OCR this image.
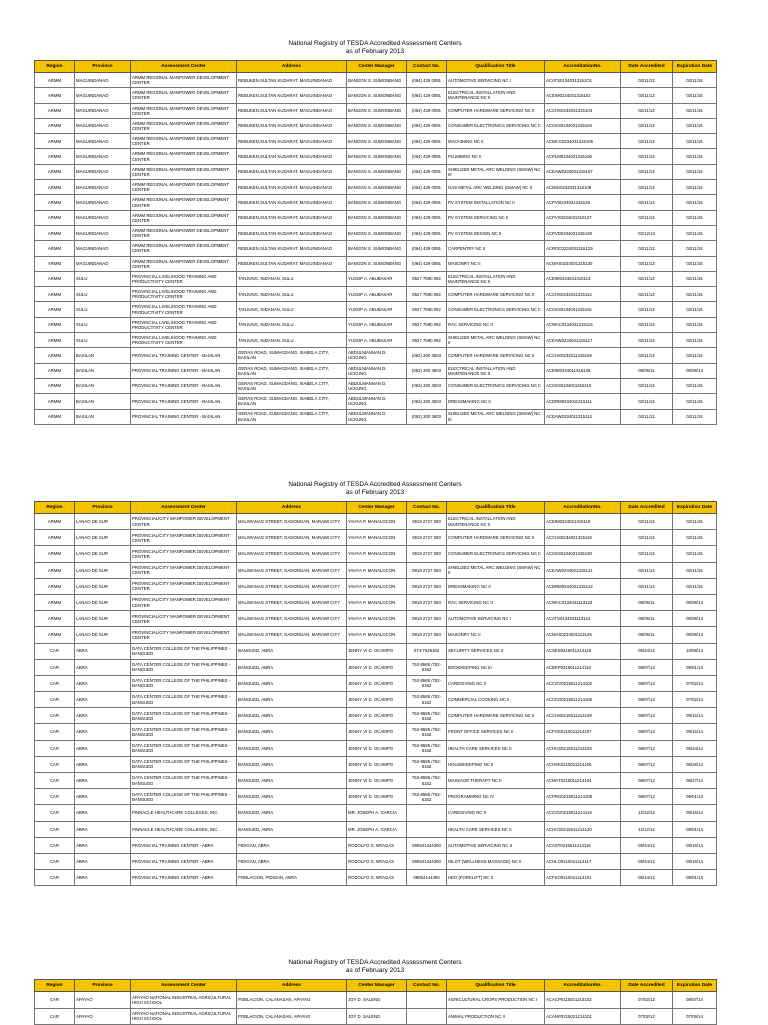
National Registry of TESDA Accredited Assessment Centers
as of February 2013
Region	Province	Assessment Center	Address	Center Manager	Contact No.	Qualification Title	AccreditationNo.	Date Accredited	Expiration Date
ARMM	MAGUINDANAO	ARMM REGIONAL MANPOWER DEVELOPMENT CENTER	REBUKEN,SULTAN KUDARAT, MAGUINDANAO	BANGON S. SUMONBANG	(064) 429 0091	AUTOMOTIVE SERVICING NC I	ACATS01340313151O1	02/11/13	02/11/15
ARMM	MAGUINDANAO	ARMM REGIONAL MANPOWER DEVELOPMENT CENTER	REBUKEN,SULTAN KUDARAT, MAGUINDANAO	BANGON S. SUMONBANG	(064) 429 0091	ELECTRICAL INSTALLATION AND MAINTENANCE NC II	ACEIM0234031315102	02/11/13	02/11/15
ARMM	MAGUINDANAO	ARMM REGIONAL MANPOWER DEVELOPMENT CENTER	REBUKEN,SULTAN KUDARAT, MAGUINDANAO	BANGON S. SUMONBANG	(064) 429 0091	COMPUTER HARDWARE SERVICING NC II	ACCHS0234031315103	02/11/13	02/11/15
ARMM	MAGUINDANAO	ARMM REGIONAL MANPOWER DEVELOPMENT CENTER	REBUKEN,SULTAN KUDARAT, MAGUINDANAO	BANGON S. SUMONBANG	(064) 429 0091	CONSUMER ELECTRONICS SERVICING NC II	ACCES0234031315104	02/11/13	02/11/15
ARMM	MAGUINDANAO	ARMM REGIONAL MANPOWER DEVELOPMENT CENTER	REBUKEN,SULTAN KUDARAT, MAGUINDANAO	BANGON S. SUMONBANG	(064) 429 0091	MACHINING NC II	ACMCG0234031315105	02/11/13	02/11/15
ARMM	MAGUINDANAO	ARMM REGIONAL MANPOWER DEVELOPMENT CENTER	REBUKEN,SULTAN KUDARAT, MAGUINDANAO	BANGON S. SUMONBANG	(064) 429 0091	PLUMBING NC II	ACPLM0234031315106	02/11/13	02/11/15
ARMM	MAGUINDANAO	ARMM REGIONAL MANPOWER DEVELOPMENT CENTER	REBUKEN,SULTAN KUDARAT, MAGUINDANAO	BANGON S. SUMONBANG	(064) 429 0091	SHIELDED METAL ARC WELDING (SMAW) NC III	ACEAW0334031315107	02/11/13	02/11/15
ARMM	MAGUINDANAO	ARMM REGIONAL MANPOWER DEVELOPMENT CENTER	REBUKEN,SULTAN KUDARAT, MAGUINDANAO	BANGON S. SUMONBANG	(064) 429 0091	GAS METAL ARC WELDING (GMAW) NC II	ACMIG0234031315108	02/11/13	02/11/15
ARMM	MAGUINDANAO	ARMM REGIONAL MANPOWER DEVELOPMENT CENTER	REBUKEN,SULTAN KUDARAT, MAGUINDANAO	BANGON S. SUMONBANG	(064) 429 0091	PV SYSTEM INSTALLATION NC II	ACPVI0234031315126	02/11/13	02/11/15
ARMM	MAGUINDANAO	ARMM REGIONAL MANPOWER DEVELOPMENT CENTER	REBUKEN,SULTAN KUDARAT, MAGUINDANAO	BANGON S. SUMONBANG	(064) 429 0091	PV SYSTEM SERVICING NC II	ACPVS0234031315127	02/11/13	02/11/15
ARMM	MAGUINDANAO	ARMM REGIONAL MANPOWER DEVELOPMENT CENTER	REBUKEN,SULTAN KUDARAT, MAGUINDANAO	BANGON S. SUMONBANG	(064) 429 0091	PV SYSTEM DESIGN NC II	ACPVD0334031315128	02/12/13	02/11/15
ARMM	MAGUINDANAO	ARMM REGIONAL MANPOWER DEVELOPMENT CENTER	REBUKEN,SULTAN KUDARAT, MAGUINDANAO	BANGON S. SUMONBANG	(064) 429 0091	CARPENTRY NC II	ACROC0234031315129	02/11/13	02/11/15
ARMM	MAGUINDANAO	ARMM REGIONAL MANPOWER DEVELOPMENT CENTER	REBUKEN,SULTAN KUDARAT, MAGUINDANAO	BANGON S. SUMONBANG	(064) 429 0091	MASONRY NC II	ACMAS0234031315130	02/11/13	02/11/15
ARMM	SULU	PROVINCIAL LIVELIHOOD TRAINING AND PRODUCTIVITY CENTER	TANJUNG, INDANAN, SULU	YUSOP A. ABUBAKAR	0927 7590 092	ELECTRICAL INSTALLATION AND MAINTENANCE NC II	ACEIM0234041315113	02/11/13	02/11/15
ARMM	SULU	PROVINCIAL LIVELIHOOD TRAINING AND PRODUCTIVITY CENTER	TANJUNG, INDANAN, SULU	YUSOP A. ABUBAKAR	0927 7590 092	COMPUTER HARDWARE SERVICING NC II	ACCHS0234041315114	02/11/13	02/11/15
ARMM	SULU	PROVINCIAL LIVELIHOOD TRAINING AND PRODUCTIVITY CENTER	TANJUNG, INDANAN, SULU	YUSOP A. ABUBAKAR	0927 7590 092	CONSUMER ELECTRONICS SERVICING NC II	ACCES0234041315115	02/11/13	02/11/15
ARMM	SULU	PROVINCIAL LIVELIHOOD TRAINING AND PRODUCTIVITY CENTER	TANJUNG, INDANAN, SULU	YUSOP A. ABUBAKAR	0927 7590 092	RAC SERVICING NC II	ACWAC0134041315116	02/11/13	02/11/15
ARMM	SULU	PROVINCIAL LIVELIHOOD TRAINING AND PRODUCTIVITY CENTER	TANJUNG, INDANAN, SULU	YUSOP A. ABUBAKAR	0927 7590 092	SHIELDED METAL ARC WELDING (SMAW) NC II	ACEAW0234041315117	02/11/13	02/11/15
ARMM	BASILAN	PROVINCIAL TRAINING CENTER - BASILAN	GERAS ROAD, SUMAGDANG, ISABELA CITY, BASILAN	ABDULMANNAN D. UCKUNG	(062) 200 3603	COMPUTER HARDWARE SERVICING NC II	ACCHS0234011315109	02/11/13	02/11/15
ARMM	BASILAN	PROVINCIAL TRAINING CENTER - BASILAN	GERAS ROAD, SUMAGDANG, ISABELA CITY, BASILAN	ABDULMANNAN D. UCKUNG	(062) 200 3603	ELECTRICAL INSTALLATION AND MAINTENANCE NC II	ACEIM0234011315128	06/06/11	06/06/13
ARMM	BASILAN	PROVINCIAL TRAINING CENTER - BASILAN	GERAS ROAD, SUMAGDANG, ISABELA CITY, BASILAN	ABDULMANNAN D. UCKUNG	(062) 200 3603	CONSUMER ELECTRONICS SERVICING NC II	ACCES0234011315110	02/11/13	02/11/15
ARMM	BASILAN	PROVINCIAL TRAINING CENTER - BASILAN	GERAS ROAD, SUMAGDANG, ISABELA CITY, BASILAN	ABDULMANNAN D. UCKUNG	(062) 200 3603	DRESSMAKING NC II	ACDRM0234011315111	02/11/13	02/11/15
ARMM	BASILAN	PROVINCIAL TRAINING CENTER - BASILAN	GERAS ROAD, SUMAGDANG, ISABELA CITY, BASILAN	ABDULMANNAN D. UCKUNG	(062) 200 3603	SHIELDED METAL ARC WELDING (SMAW) NC III	ACEAW0334011315112	02/11/13	02/11/15
National Registry of TESDA Accredited Assessment Centers
as of February 2013
Region	Province	Assessment Center	Address	Center Manager	Contact No.	Qualification Title	AccreditationNo.	Date Accredited	Expiration Date
ARMM	LANAO DE SUR	PROVINCIAL/CITY MANPOWER DEVELOPMENT CENTER	MALIWANAG STREET, GADONGAN, MARAWI CITY	YAHYA P. MANALOCON	0919 2727 050	ELECTRICAL INSTALLATION AND MAINTENANCE NC II	ACEIM0234021315118	02/11/13	02/11/15
ARMM	LANAO DE SUR	PROVINCIAL/CITY MANPOWER DEVELOPMENT CENTER	MALIWANAG STREET, GADONGAN, MARAWI CITY	YAHYA P. MANALOCON	0919 2727 050	COMPUTER HARDWARE SERVICING NC II	ACCHS0234021315119	02/11/13	02/11/15
ARMM	LANAO DE SUR	PROVINCIAL/CITY MANPOWER DEVELOPMENT CENTER	MALIWANAG STREET, GADONGAN, MARAWI CITY	YAHYA P. MANALOCON	0919 2727 050	CONSUMER ELECTRONICS SERVICING NC II	ACCES0234021315120	02/11/13	02/11/15
ARMM	LANAO DE SUR	PROVINCIAL/CITY MANPOWER DEVELOPMENT CENTER	MALIWANAG STREET, GADONGAN, MARAWI CITY	YAHYA P. MANALOCON	0919 2727 050	SHIELDED METAL ARC WELDING (SMAW) NC II	ACEAW0234021315121	02/11/13	02/11/15
ARMM	LANAO DE SUR	PROVINCIAL/CITY MANPOWER DEVELOPMENT CENTER	MALIWANAG STREET, GADONGAN, MARAWI CITY	YAHYA P. MANALOCON	0919 2727 050	DRESSMAKING NC II	ACDRM0234021315122	02/11/13	02/11/15
ARMM	LANAO DE SUR	PROVINCIAL/CITY MANPOWER DEVELOPMENT CENTER	MALIWANAG STREET, GADONGAN, MARAWI CITY	YAHYA P. MANALOCON	0919 2727 050	RAC SERVICING NC II	ACWAC0134041113123	06/06/11	06/06/13
ARMM	LANAO DE SUR	PROVINCIAL/CITY MANPOWER DEVELOPMENT CENTER	MALIWANAG STREET, GADONGAN, MARAWI CITY	YAHYA P. MANALOCON	0919 2727 050	AUTOMOTIVE SERVICING NC I	ACATS0134031113124	06/06/11	06/06/13
ARMM	LANAO DE SUR	PROVINCIAL/CITY MANPOWER DEVELOPMENT CENTER	MALIWANAG STREET, GADONGAN, MARAWI CITY	YAHYA P. MANALOCON	0919 2727 050	MASONRY NC II	ACMAS0234031113125	06/06/11	06/06/13
CAR	ABRA	DATA CENTER COLLEGE OF THE PHILIPPINES - BANGUED	BANGUED, ABRA	JENNY VI D. OCAMPO	074-7525162	SECURITY SERVICES NC II	ACSES0215011214118	09/24/12	10/08/14
CAR	ABRA	DATA CENTER COLLEGE OF THE PHILIPPINES - BANGUED	BANGUED, ABRA	JENNY VI D. OCAMPO	752-8585 /752-5162	BOOKKEEPING NC III	ACBKP0315011214110	08/07/12	09/01/13
CAR	ABRA	DATA CENTER COLLEGE OF THE PHILIPPINES - BANGUED	BANGUED, ABRA	JENNY VI D. OCAMPO	752-8585 /752-5162	CAREGIVING NC II	ACCGV0215011214102	08/07/12	07/02/14
CAR	ABRA	DATA CENTER COLLEGE OF THE PHILIPPINES - BANGUED	BANGUED, ABRA	JENNY VI D. OCAMPO	752-8585 /752-5162	COMMERCIAL COOKING NC II	ACCKO0215011214105	08/07/12	07/02/14
CAR	ABRA	DATA CENTER COLLEGE OF THE PHILIPPINES - BANGUED	BANGUED, ABRA	JENNY VI D. OCAMPO	752-8585 /752-5162	COMPUTER HARDWARE SERVICING NC II	ACCHS0215011214109	08/07/12	09/15/14
CAR	ABRA	DATA CENTER COLLEGE OF THE PHILIPPINES - BANGUED	BANGUED, ABRA	JENNY VI D. OCAMPO	752-8585 /752-5162	FRONT OFFICE SERVICES NC II	ACFOS0215011214107	08/07/12	09/15/14
CAR	ABRA	DATA CENTER COLLEGE OF THE PHILIPPINES - BANGUED	BANGUED, ABRA	JENNY VI D. OCAMPO	752-8585 /752-5162	HEALTH CARE SERVICES NC II	ACHCS0215011214103	08/07/12	09/24/14
CAR	ABRA	DATA CENTER COLLEGE OF THE PHILIPPINES - BANGUED	BANGUED, ABRA	JENNY VI D. OCAMPO	752-8585 /752-5162	HOUSEKEEPING NC II	ACHSK0215011214106	08/07/12	08/28/14
CAR	ABRA	DATA CENTER COLLEGE OF THE PHILIPPINES - BANGUED	BANGUED, ABRA	JENNY VI D. OCAMPO	752-8585 /752-5162	MASSAGE THERAPY NC II	ACMAT0215011214104	08/07/12	08/27/14
CAR	ABRA	DATA CENTER COLLEGE OF THE PHILIPPINES - BANGUED	BANGUED, ABRA	JENNY VI D. OCAMPO	752-8585 /752-5162	PROGRAMMING NC IV	ACPRG0215011214108	08/07/12	09/01/13
CAR	ABRA	PINNACLE HEALTHCARE COLLEGES, INC.	BANGUED, ABRA	MR. JOSEPH A. GARCIA		CAREGIVING NC II	ACCGV0215011214119	12/12/12	09/15/14
CAR	ABRA	PINNACLE HEALTHCARE COLLEGES, INC.	BANGUED, ABRA	MR. JOSEPH A. GARCIA		HEALTH CARE SERVICES NC II	ACHCS0215011214120	12/12/12	08/01/14
CAR	ABRA	PROVINCIAL TRAINING CENTER - ABRA	PIDIGAN, ABRA	RODOLFO G. BRAGAS	090541444300	AUTOMOTIVE SERVICING NC II	ACAST0215011214116	09/24/12	09/15/14
CAR	ABRA	PROVINCIAL TRAINING CENTER - ABRA	PIDIGAN, ABRA	RODOLFO G. BRAGAS	090541444300	HILOT (WELLNESS MASSAGE) NC II	ACHLO0215011214117	09/24/12	09/15/14
CAR	ABRA	PROVINCIAL TRAINING CENTER - ABRA	POBLACION, PIDIGAN, ABRA	RODOLFO G. BRAGAS	09054144300	HEO (FORKLIFT) NC II	ACFKO0215011214101	05/14/12	09/01/13
National Registry of TESDA Accredited Assessment Centers
as of February 2013
Region	Province	Assessment Center	Address	Center Manager	Contact No.	Qualification Title	AccreditationNo.	Date Accredited	Expiration Date
CAR	APAYAO	APAYAO NATIONAL INDUSTRIAL AGRICULTURAL HIGH SCHOOL	POBLACION, CALANASAN, APAYAO	JOY D. SALENG		AGRICULTURAL CROPS PRODUCTION NC I	ACACP0115021214102	07/02/12	08/07/14
CAR	APAYAO	APAYAO NATIONAL INDUSTRIAL AGRICULTURAL HIGH SCHOOL	POBLACION, CALANASAN, APAYAO	JOY D. SALENG		ANIMAL PRODUCTION NC II	ACANP0215021214101	07/02/12	07/09/14
